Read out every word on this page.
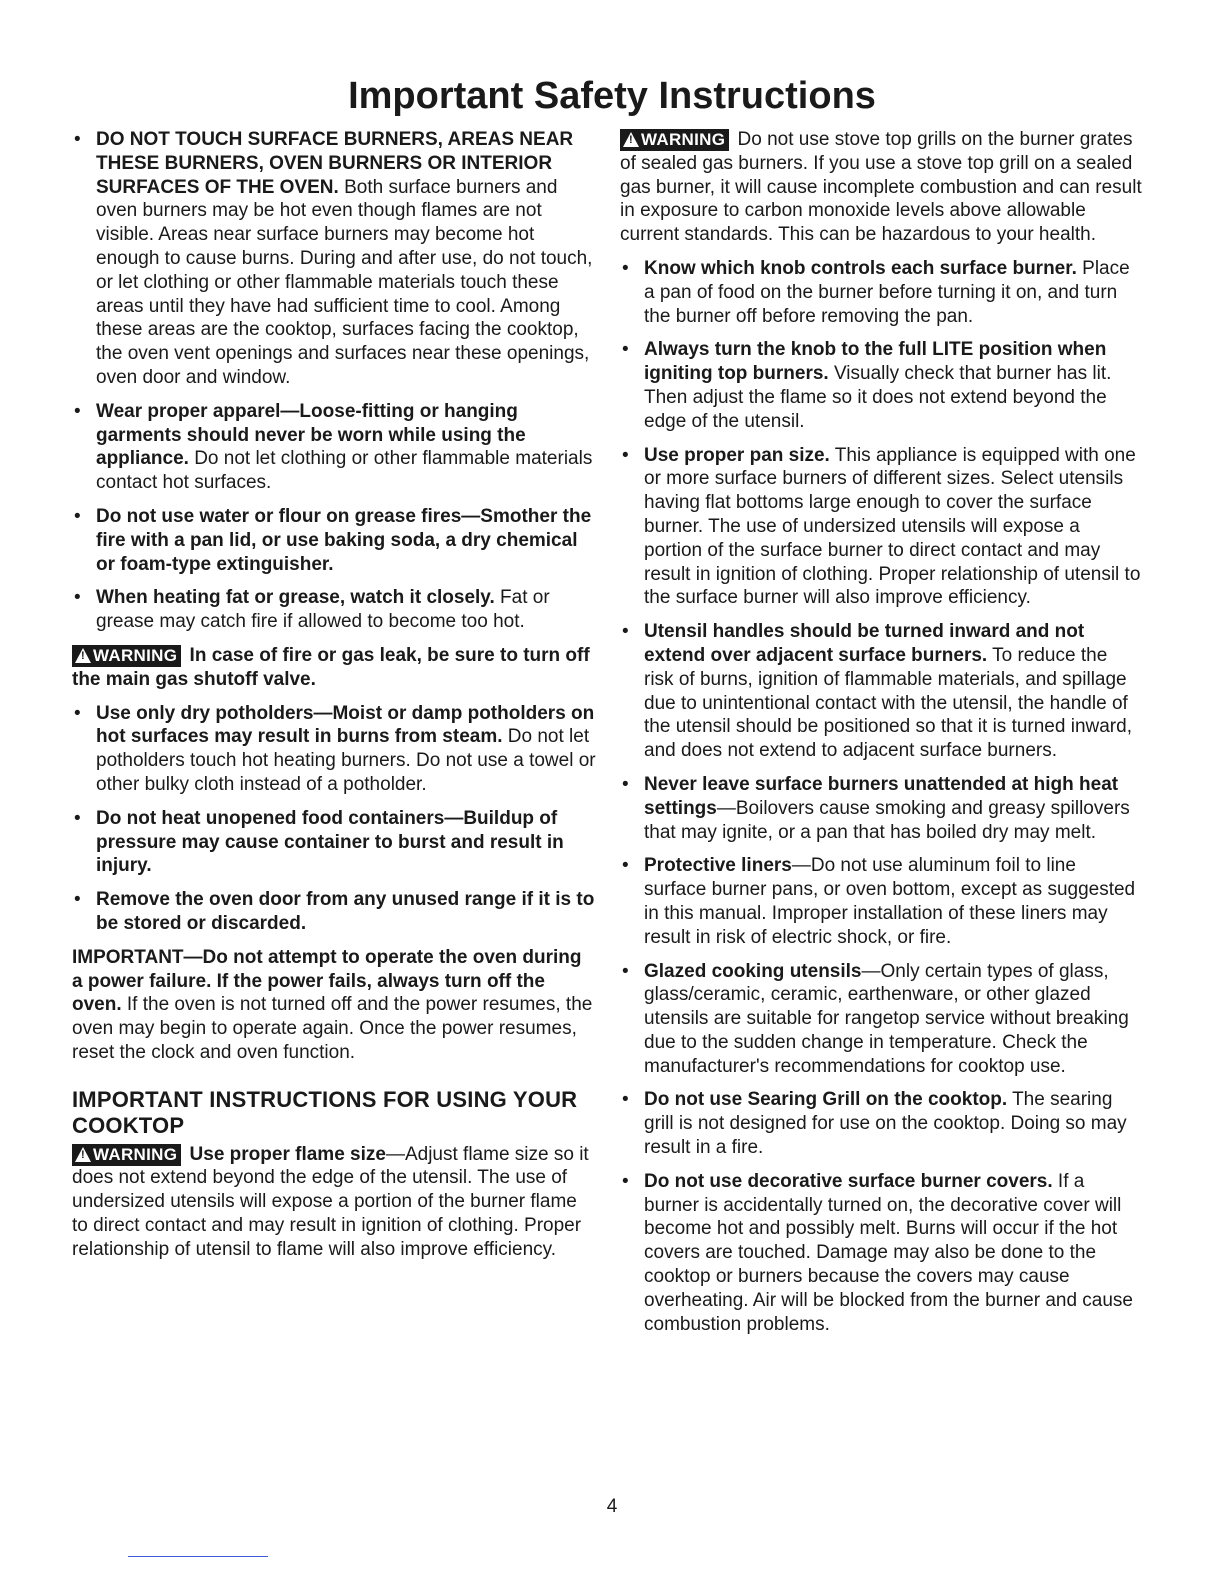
Important Safety Instructions
• DO NOT TOUCH SURFACE BURNERS, AREAS NEAR THESE BURNERS, OVEN BURNERS OR INTERIOR SURFACES OF THE OVEN. Both surface burners and oven burners may be hot even though flames are not visible. Areas near surface burners may become hot enough to cause burns. During and after use, do not touch, or let clothing or other flammable materials touch these areas until they have had sufficient time to cool. Among these areas are the cooktop, surfaces facing the cooktop, the oven vent openings and surfaces near these openings, oven door and window.
• Wear proper apparel—Loose-fitting or hanging garments should never be worn while using the appliance. Do not let clothing or other flammable materials contact hot surfaces.
• Do not use water or flour on grease fires—Smother the fire with a pan lid, or use baking soda, a dry chemical or foam-type extinguisher.
• When heating fat or grease, watch it closely. Fat or grease may catch fire if allowed to become too hot.

!WARNING In case of fire or gas leak, be sure to turn off the main gas shutoff valve.

• Use only dry potholders—Moist or damp potholders on hot surfaces may result in burns from steam. Do not let potholders touch hot heating burners. Do not use a towel or other bulky cloth instead of a potholder.
• Do not heat unopened food containers—Buildup of pressure may cause container to burst and result in injury.
• Remove the oven door from any unused range if it is to be stored or discarded.

IMPORTANT—Do not attempt to operate the oven during a power failure. If the power fails, always turn off the oven. If the oven is not turned off and the power resumes, the oven may begin to operate again. Once the power resumes, reset the clock and oven function.

IMPORTANT INSTRUCTIONS FOR USING YOUR COOKTOP

!WARNING Use proper flame size—Adjust flame size so it does not extend beyond the edge of the utensil. The use of undersized utensils will expose a portion of the burner flame to direct contact and may result in ignition of clothing. Proper relationship of utensil to flame will also improve efficiency.

!WARNING Do not use stove top grills on the burner grates of sealed gas burners. If you use a stove top grill on a sealed gas burner, it will cause incomplete combustion and can result in exposure to carbon monoxide levels above allowable current standards. This can be hazardous to your health.

• Know which knob controls each surface burner. Place a pan of food on the burner before turning it on, and turn the burner off before removing the pan.
• Always turn the knob to the full LITE position when igniting top burners. Visually check that burner has lit. Then adjust the flame so it does not extend beyond the edge of the utensil.
• Use proper pan size. This appliance is equipped with one or more surface burners of different sizes. Select utensils having flat bottoms large enough to cover the surface burner. The use of undersized utensils will expose a portion of the surface burner to direct contact and may result in ignition of clothing. Proper relationship of utensil to the surface burner will also improve efficiency.
• Utensil handles should be turned inward and not extend over adjacent surface burners. To reduce the risk of burns, ignition of flammable materials, and spillage due to unintentional contact with the utensil, the handle of the utensil should be positioned so that it is turned inward, and does not extend to adjacent surface burners.
• Never leave surface burners unattended at high heat settings—Boilovers cause smoking and greasy spillovers that may ignite, or a pan that has boiled dry may melt.
• Protective liners—Do not use aluminum foil to line surface burner pans, or oven bottom, except as suggested in this manual. Improper installation of these liners may result in risk of electric shock, or fire.
• Glazed cooking utensils—Only certain types of glass, glass/ceramic, ceramic, earthenware, or other glazed utensils are suitable for rangetop service without breaking due to the sudden change in temperature. Check the manufacturer's recommendations for cooktop use.
• Do not use Searing Grill on the cooktop. The searing grill is not designed for use on the cooktop. Doing so may result in a fire.
• Do not use decorative surface burner covers. If a burner is accidentally turned on, the decorative cover will become hot and possibly melt. Burns will occur if the hot covers are touched. Damage may also be done to the cooktop or burners because the covers may cause overheating. Air will be blocked from the burner and cause combustion problems.
4
